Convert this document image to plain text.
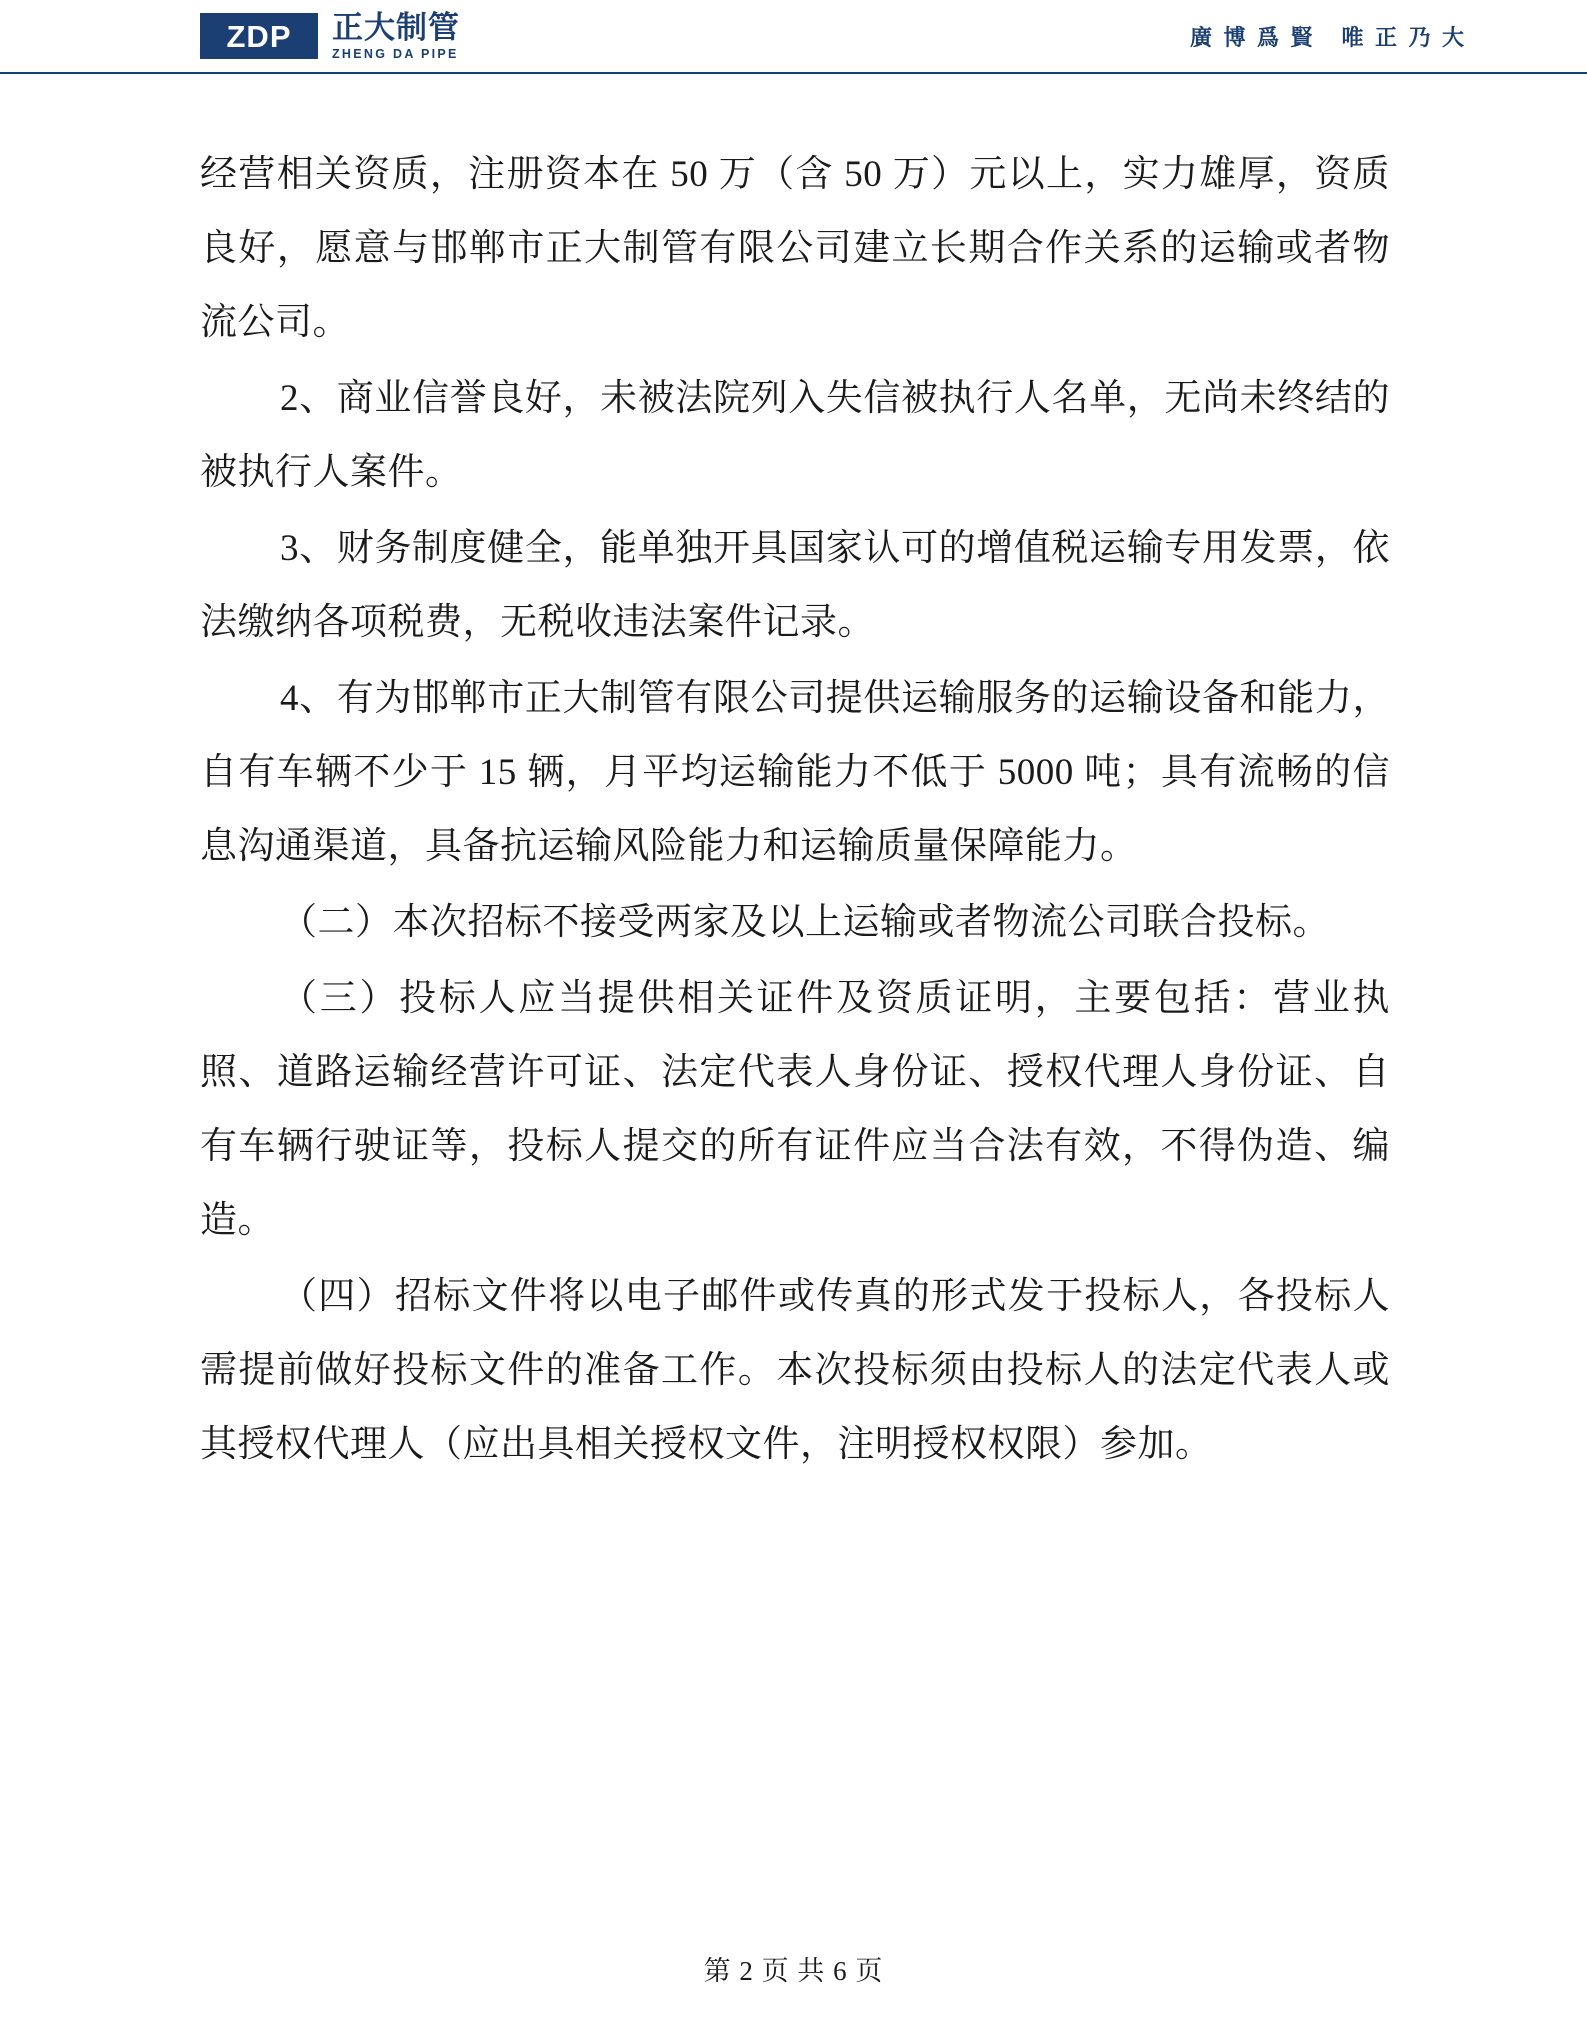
ZDP 正大制管
ZHENG DA PIPE
廣 博 爲 賢 唯 正 乃 大

经营相关资质，注册资本在 50 万（含 50 万）元以上，实力雄厚，资质良好，愿意与邯郸市正大制管有限公司建立长期合作关系的运输或者物流公司。

2、商业信誉良好，未被法院列入失信被执行人名单，无尚未终结的被执行人案件。

3、财务制度健全，能单独开具国家认可的增值税运输专用发票，依法缴纳各项税费，无税收违法案件记录。

4、有为邯郸市正大制管有限公司提供运输服务的运输设备和能力，自有车辆不少于 15 辆，月平均运输能力不低于 5000 吨；具有流畅的信息沟通渠道，具备抗运输风险能力和运输质量保障能力。

（二）本次招标不接受两家及以上运输或者物流公司联合投标。

（三）投标人应当提供相关证件及资质证明，主要包括：营业执照、道路运输经营许可证、法定代表人身份证、授权代理人身份证、自有车辆行驶证等，投标人提交的所有证件应当合法有效，不得伪造、编造。

（四）招标文件将以电子邮件或传真的形式发于投标人，各投标人需提前做好投标文件的准备工作。本次投标须由投标人的法定代表人或其授权代理人（应出具相关授权文件，注明授权权限）参加。

第 2 页 共 6 页
